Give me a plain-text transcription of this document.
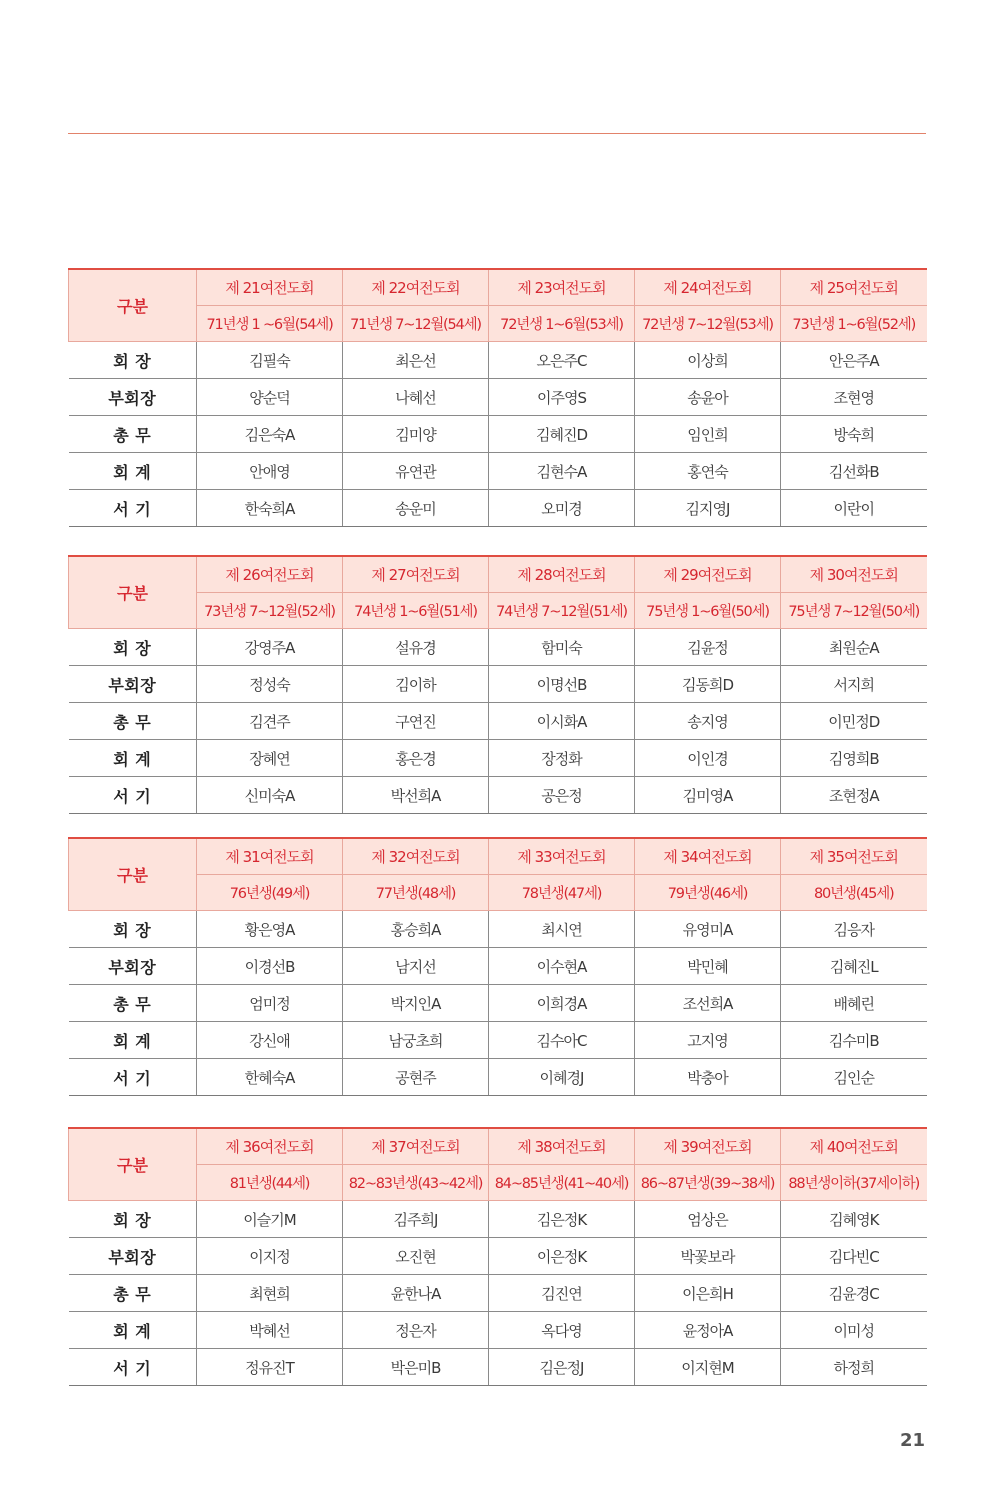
구분	제 21여전도회	제 22여전도회	제 23여전도회	제 24여전도회	제 25여전도회
	71년생 1 ~6월(54세)	71년생 7~12월(54세)	72년생 1~6월(53세)	72년생 7~12월(53세)	73년생 1~6월(52세)
회 장	김필숙	최은선	오은주C	이상희	안은주A
부회장	양순덕	나혜선	이주영S	송윤아	조현영
총 무	김은숙A	김미양	김혜진D	임인희	방숙희
회 계	안애영	유연관	김현수A	홍연숙	김선화B
서 기	한숙희A	송운미	오미경	김지영J	이란이
구분	제 26여전도회	제 27여전도회	제 28여전도회	제 29여전도회	제 30여전도회
	73년생 7~12월(52세)	74년생 1~6월(51세)	74년생 7~12월(51세)	75년생 1~6월(50세)	75년생 7~12월(50세)
회 장	강영주A	설유경	함미숙	김윤정	최원순A
부회장	정성숙	김이하	이명선B	김동희D	서지희
총 무	김견주	구연진	이시화A	송지영	이민정D
회 계	장혜연	홍은경	장정화	이인경	김영희B
서 기	신미숙A	박선희A	공은정	김미영A	조현정A
구분	제 31여전도회	제 32여전도회	제 33여전도회	제 34여전도회	제 35여전도회
	76년생(49세)	77년생(48세)	78년생(47세)	79년생(46세)	80년생(45세)
회 장	황은영A	홍승희A	최시연	유영미A	김응자
부회장	이경선B	남지선	이수현A	박민혜	김혜진L
총 무	엄미정	박지인A	이희경A	조선희A	배혜린
회 계	강신애	남궁초희	김수아C	고지영	김수미B
서 기	한혜숙A	공현주	이혜경J	박충아	김인순
구분	제 36여전도회	제 37여전도회	제 38여전도회	제 39여전도회	제 40여전도회
	81년생(44세)	82~83년생(43~42세)	84~85년생(41~40세)	86~87년생(39~38세)	88년생이하(37세이하)
회 장	이슬기M	김주희J	김은정K	엄상은	김혜영K
부회장	이지정	오진현	이은정K	박꽃보라	김다빈C
총 무	최현희	윤한나A	김진연	이은희H	김윤경C
회 계	박혜선	정은자	옥다영	윤정아A	이미성
서 기	정유진T	박은미B	김은정J	이지현M	하정희
21
